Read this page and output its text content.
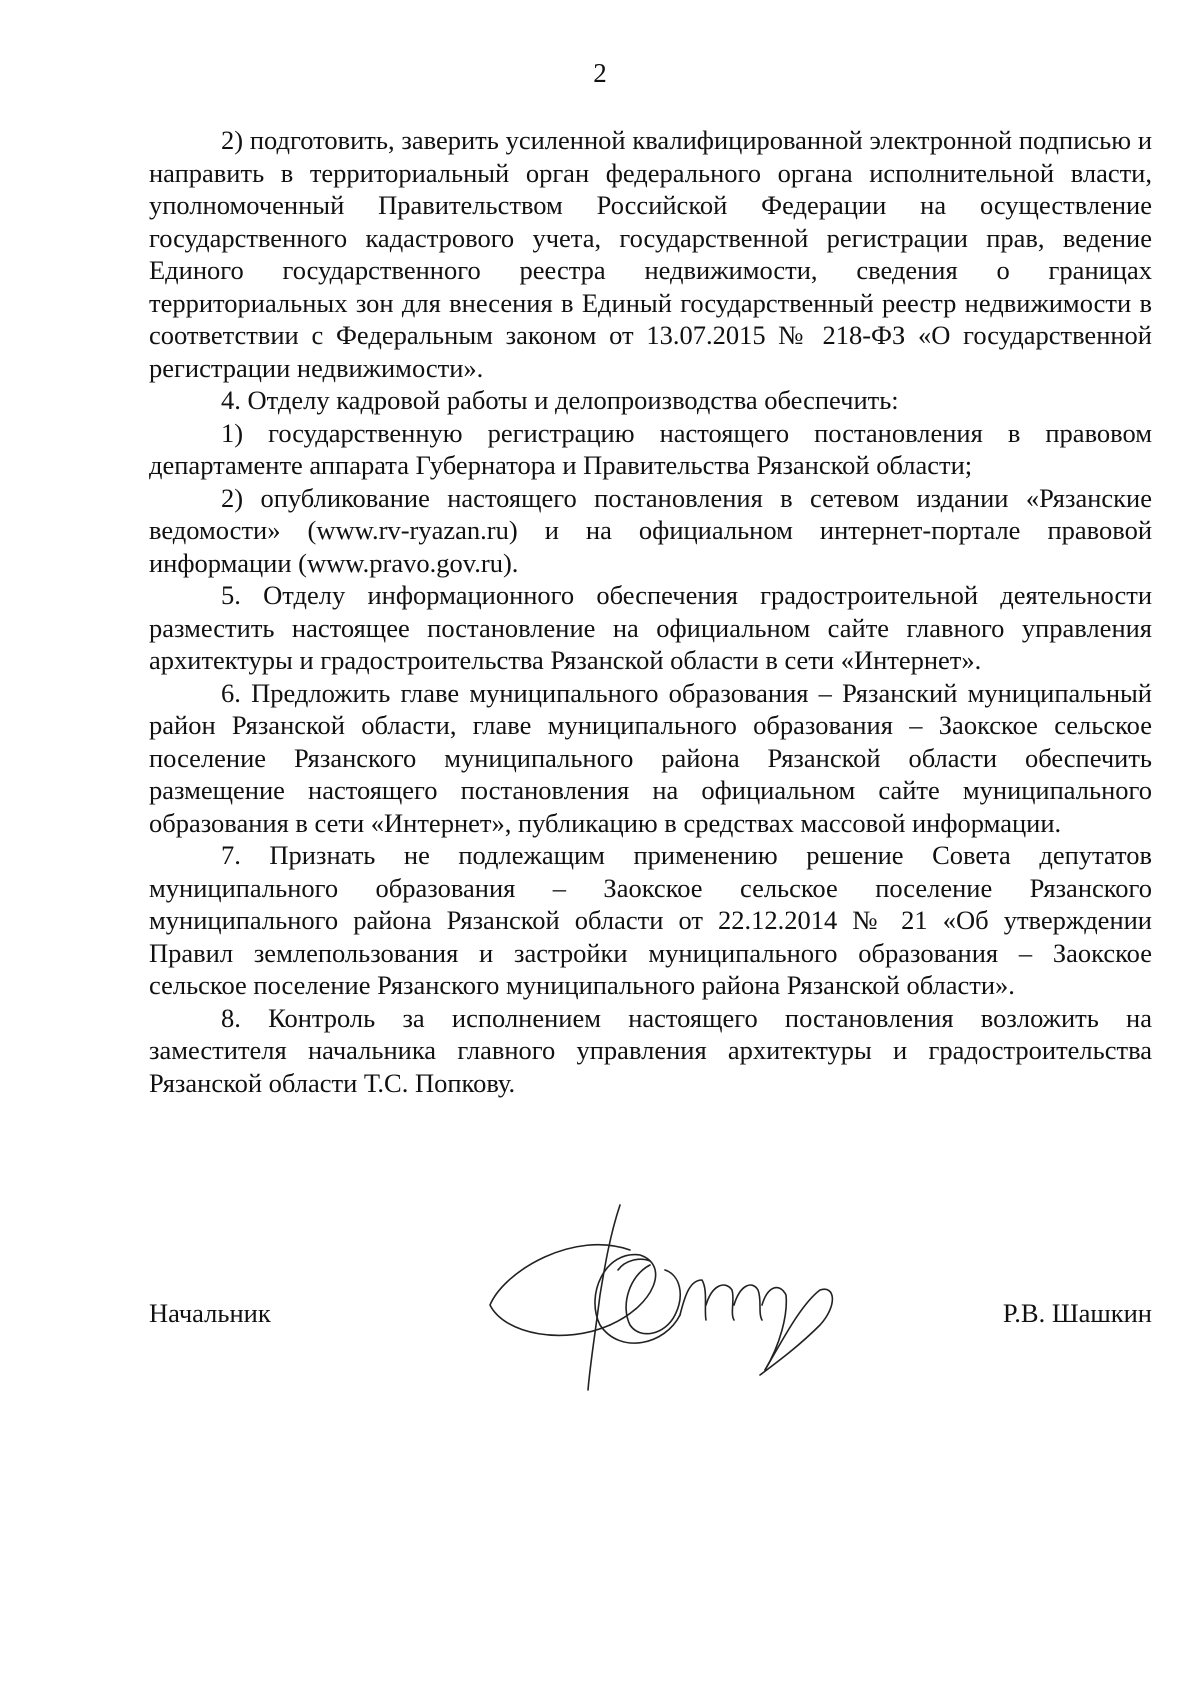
2

2) подготовить, заверить усиленной квалифицированной электронной подписью и направить в территориальный орган федерального органа исполнительной власти, уполномоченный Правительством Российской Федерации на осуществление государственного кадастрового учета, государственной регистрации прав, ведение Единого государственного реестра недвижимости, сведения о границах территориальных зон для внесения в Единый государственный реестр недвижимости в соответствии с Федеральным законом от 13.07.2015 № 218-ФЗ «О государственной регистрации недвижимости».

4. Отделу кадровой работы и делопроизводства обеспечить:

1) государственную регистрацию настоящего постановления в правовом департаменте аппарата Губернатора и Правительства Рязанской области;

2) опубликование настоящего постановления в сетевом издании «Рязанские ведомости» (www.rv-ryazan.ru) и на официальном интернет-портале правовой информации (www.pravo.gov.ru).

5. Отделу информационного обеспечения градостроительной деятельности разместить настоящее постановление на официальном сайте главного управления архитектуры и градостроительства Рязанской области в сети «Интернет».

6. Предложить главе муниципального образования – Рязанский муниципальный район Рязанской области, главе муниципального образования – Заокское сельское поселение Рязанского муниципального района Рязанской области обеспечить размещение настоящего постановления на официальном сайте муниципального образования в сети «Интернет», публикацию в средствах массовой информации.

7. Признать не подлежащим применению решение Совета депутатов муниципального образования – Заокское сельское поселение Рязанского муниципального района Рязанской области от 22.12.2014 № 21 «Об утверждении Правил землепользования и застройки муниципального образования – Заокское сельское поселение Рязанского муниципального района Рязанской области».

8. Контроль за исполнением настоящего постановления возложить на заместителя начальника главного управления архитектуры и градостроительства Рязанской области Т.С. Попкову.

Начальник	Р.В. Шашкин
